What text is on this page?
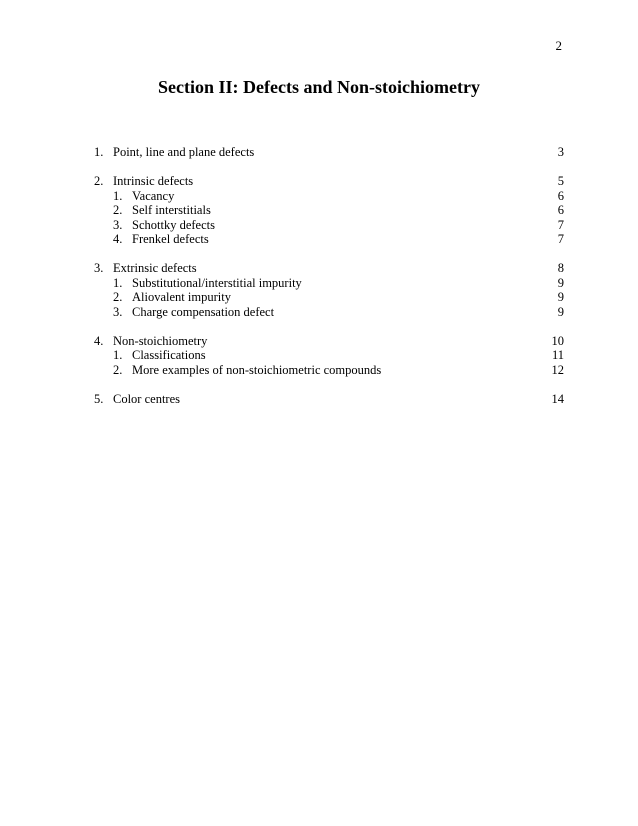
2
Section II: Defects and Non-stoichiometry
1. Point, line and plane defects	3
2. Intrinsic defects	5
1. Vacancy	6
2. Self interstitials	6
3. Schottky defects	7
4. Frenkel defects	7
3. Extrinsic defects	8
1. Substitutional/interstitial impurity	9
2. Aliovalent impurity	9
3. Charge compensation defect	9
4. Non-stoichiometry	10
1. Classifications	11
2. More examples of non-stoichiometric compounds	12
5. Color centres	14
